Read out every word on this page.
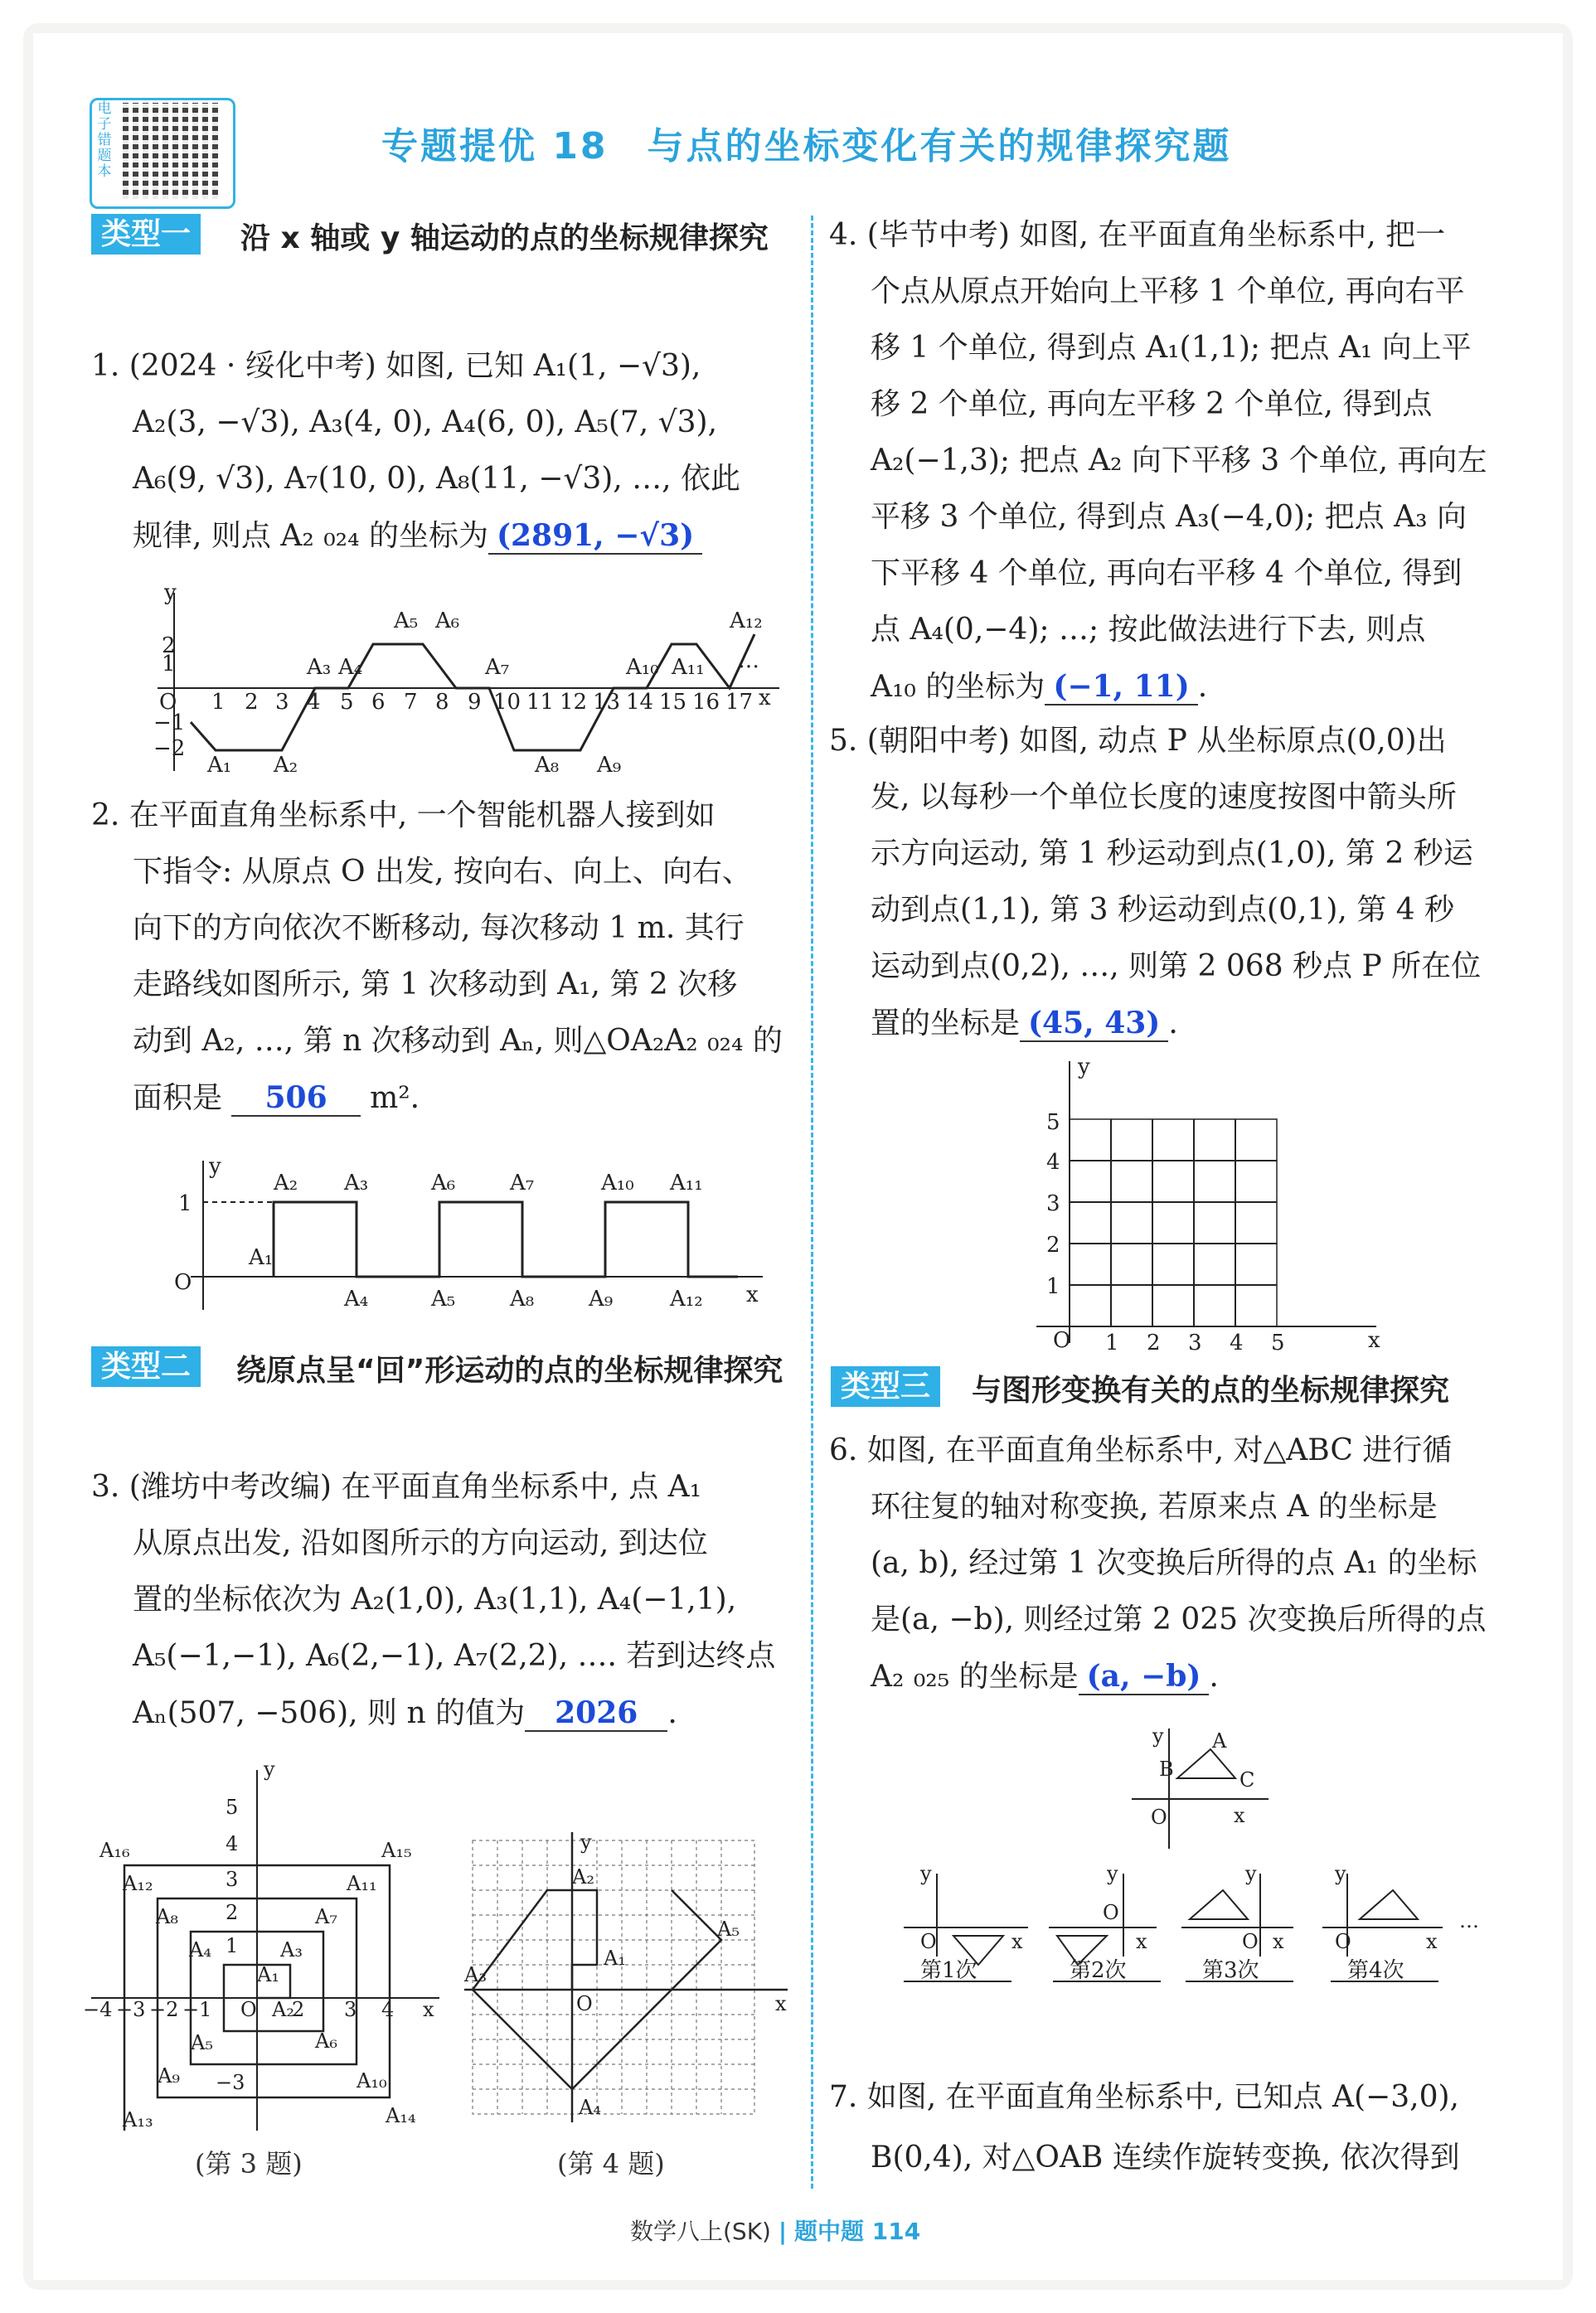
电子错题本
专题提优 18　与点的坐标变化有关的规律探究题
类型一	沿 x 轴或 y 轴运动的点的坐标规律探究
1. (2024 · 绥化中考) 如图, 已知 A₁(1, −√3),
A₂(3, −√3), A₃(4, 0), A₄(6, 0), A₅(7, √3),
A₆(9, √3), A₇(10, 0), A₈(11, −√3), …, 依此
规律, 则点 A₂ ₀₂₄ 的坐标为 (2891, −√3)
y
x
O
2
1
−1
−2
1 2 3 4 5 6 7 8 9 10 11 12 13 14 15 16 17
A₁ A₂
A₃ A₄
A₅ A₆
A₇
A₈ A₉
A₁₀ A₁₁
A₁₂
…
2. 在平面直角坐标系中, 一个智能机器人接到如
下指令: 从原点 O 出发, 按向右、向上、向右、
向下的方向依次不断移动, 每次移动 1 m. 其行
走路线如图所示, 第 1 次移动到 A₁, 第 2 次移
动到 A₂, …, 第 n 次移动到 Aₙ, 则△OA₂A₂ ₀₂₄ 的
面积是 506 m².
y
x
O
1
A₁
A₂ A₃
A₄	A₅
A₆	A₇
A₈	A₉
A₁₀ A₁₁
A₁₂
类型二	绕原点呈“回”形运动的点的坐标规律探究
3. (潍坊中考改编) 在平面直角坐标系中, 点 A₁
从原点出发, 沿如图所示的方向运动, 到达位
置的坐标依次为 A₂(1,0), A₃(1,1), A₄(−1,1),
A₅(−1,−1), A₆(2,−1), A₇(2,2), …. 若到达终点
Aₙ(507, −506), 则 n 的值为 2026 .
y
x
5
4
3
2
1
−4 −3 −2 −1 O 2 3 4
−3
A₁
A₂
A₃
A₄
A₅	A₆
A₇
A₈
A₉	A₁₀
A₁₁
A₁₂
A₁₃	A₁₄
A₁₅
A₁₆	y
x
O
A₁
A₂
A₃
A₄
A₅
(第 3 题)	(第 4 题)
4. (毕节中考) 如图, 在平面直角坐标系中, 把一
个点从原点开始向上平移 1 个单位, 再向右平
移 1 个单位, 得到点 A₁(1,1); 把点 A₁ 向上平
移 2 个单位, 再向左平移 2 个单位, 得到点
A₂(−1,3); 把点 A₂ 向下平移 3 个单位, 再向左
平移 3 个单位, 得到点 A₃(−4,0); 把点 A₃ 向
下平移 4 个单位, 再向右平移 4 个单位, 得到
点 A₄(0,−4); …; 按此做法进行下去, 则点
A₁₀ 的坐标为 (−1, 11) .
5. (朝阳中考) 如图, 动点 P 从坐标原点(0,0)出
发, 以每秒一个单位长度的速度按图中箭头所
示方向运动, 第 1 秒运动到点(1,0), 第 2 秒运
动到点(1,1), 第 3 秒运动到点(0,1), 第 4 秒
运动到点(0,2), …, 则第 2 068 秒点 P 所在位
置的坐标是 (45, 43) .
y
x
O
1
2
3
4
5
1 2 3 4 5
类型三	与图形变换有关的点的坐标规律探究
6. 如图, 在平面直角坐标系中, 对△ABC 进行循
环往复的轴对称变换, 若原来点 A 的坐标是
(a, b), 经过第 1 次变换后所得的点 A₁ 的坐标
是(a, −b), 则经过第 2 025 次变换后所得的点
A₂ ₀₂₅ 的坐标是 (a, −b) .
y
B
A
C
O	x
y
O	x
y
O
x
y
O x
y
O	x
…
第1次	第2次	第3次	第4次
7. 如图, 在平面直角坐标系中, 已知点 A(−3,0),
B(0,4), 对△OAB 连续作旋转变换, 依次得到
数学八上(SK) | 题中题 114
